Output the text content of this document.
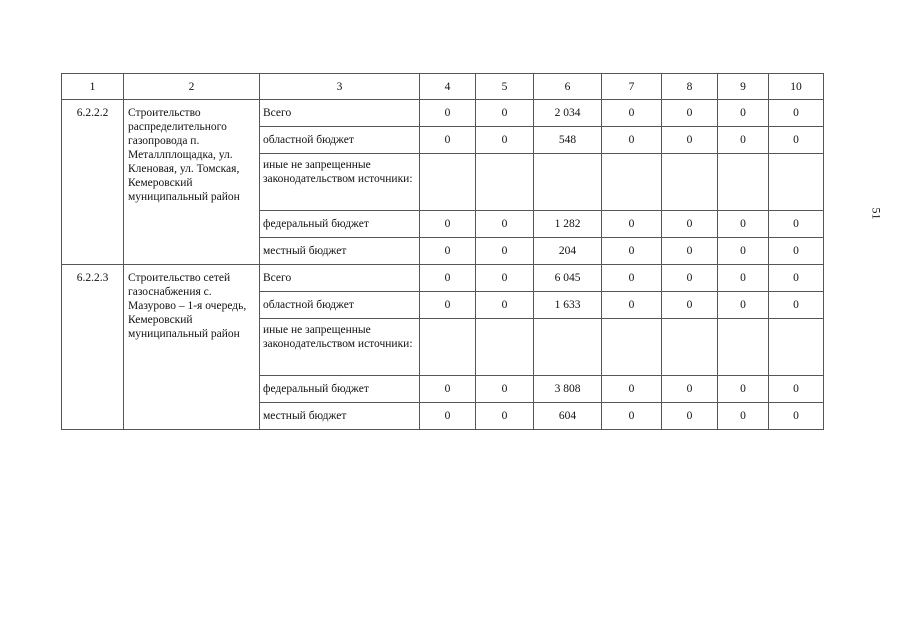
1	2	3	4	5	6	7	8	9	10
6.2.2.2	Строительство распределительного газопровода п. Металлплощадка, ул. Кленовая, ул. Томская, Кемеровский муниципальный район	Всего	0	0	2 034	0	0	0	0
		областной бюджет	0	0	548	0	0	0	0
		иные не запрещенные законодательством источники:							
		федеральный бюджет	0	0	1 282	0	0	0	0
		местный бюджет	0	0	204	0	0	0	0
6.2.2.3	Строительство сетей газоснабжения с. Мазурово – 1-я очередь, Кемеровский муниципальный район	Всего	0	0	6 045	0	0	0	0
		областной бюджет	0	0	1 633	0	0	0	0
		иные не запрещенные законодательством источники:							
		федеральный бюджет	0	0	3 808	0	0	0	0
		местный бюджет	0	0	604	0	0	0	0
51
